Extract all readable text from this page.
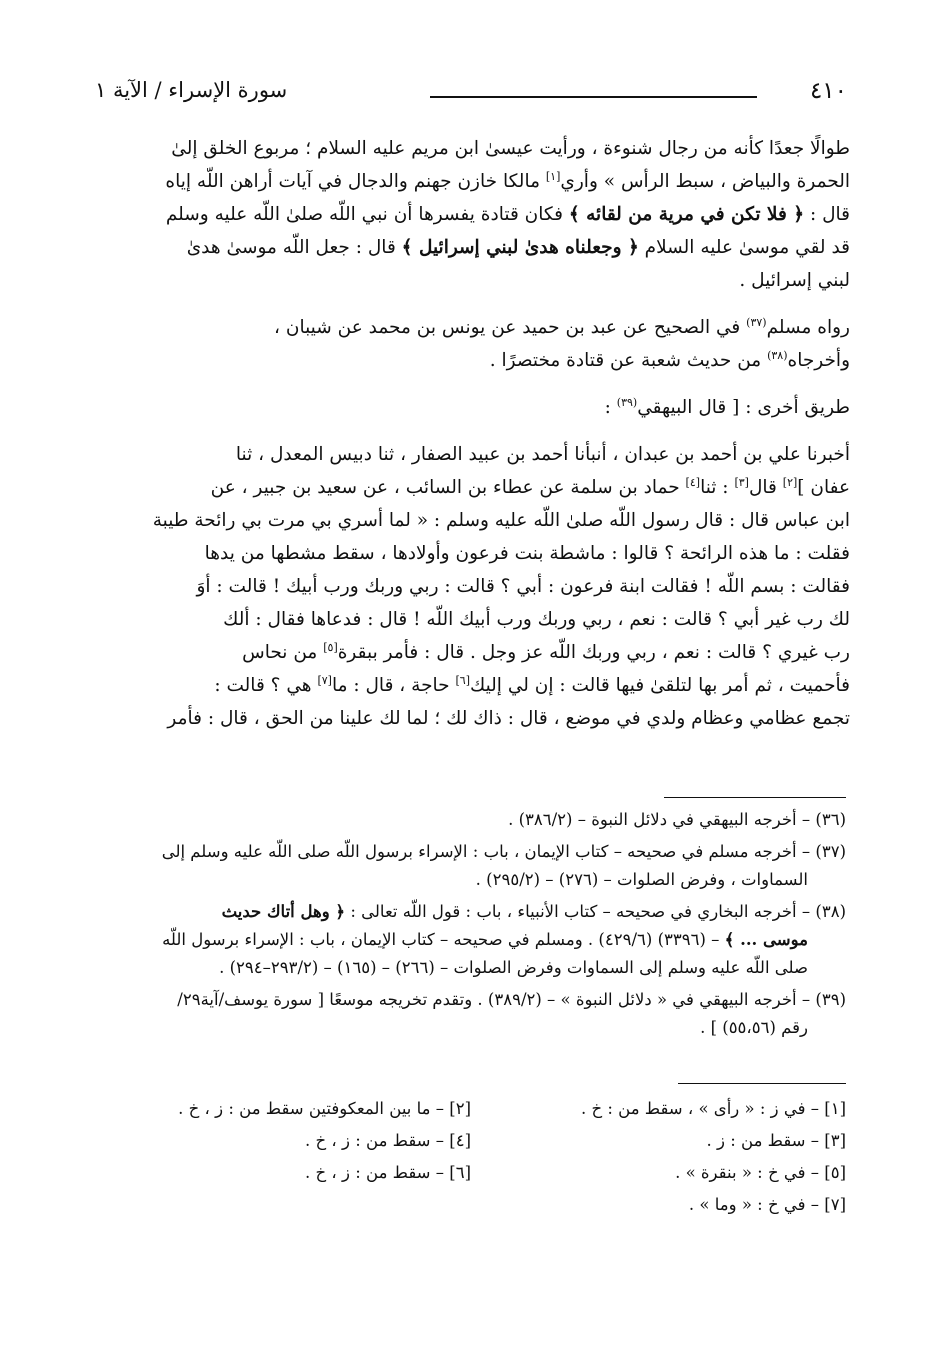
٤١٠
سورة الإسراء / الآية ١

طوالًا جعدًا كأنه من رجال شنوءة ، ورأيت عيسىٰ ابن مريم عليه السلام ؛ مربوع الخلق إلىٰ
الحمرة والبياض ، سبط الرأس » وأري[١] مالكا خازن جهنم والدجال في آيات أراهن اللّه إياه
قال : ﴿ فلا تكن في مرية من لقائه ﴾ فكان قتادة يفسرها أن نبي اللّه صلىٰ اللّه عليه وسلم
قد لقي موسىٰ عليه السلام ﴿ وجعلناه هدىٰ لبني إسرائيل ﴾ قال : جعل اللّه موسىٰ هدىٰ
لبني إسرائيل .

رواه مسلم$^{(٣٧)}$ في الصحيح عن عبد بن حميد عن يونس بن محمد عن شيبان ،
وأخرجاه$^{(٣٨)}$ من حديث شعبة عن قتادة مختصرًا .

طريق أخرى : [ قال البيهقي$^{(٣٩)}$ :

أخبرنا علي بن أحمد بن عبدان ، أنبأنا أحمد بن عبيد الصفار ، ثنا دبيس المعدل ، ثنا
عفان ][٢] قال[٣] : ثنا[٤] حماد بن سلمة عن عطاء بن السائب ، عن سعيد بن جبير ، عن
ابن عباس قال : قال رسول اللّه صلىٰ اللّه عليه وسلم : « لما أسري بي مرت بي رائحة طيبة
فقلت : ما هذه الرائحة ؟ قالوا : ماشطة بنت فرعون وأولادها ، سقط مشطها من يدها
فقالت : بسم اللّه ! فقالت ابنة فرعون : أبي ؟ قالت : ربي وربك ورب أبيك ! قالت : أوَ
لك رب غير أبي ؟ قالت : نعم ، ربي وربك ورب أبيك اللّه ! قال : فدعاها فقال : ألك
رب غيري ؟ قالت : نعم ، ربي وربك اللّه عز وجل . قال : فأمر ببقرة[٥] من نحاس
فأحميت ، ثم أمر بها لتلقىٰ فيها قالت : إن لي إليك[٦] حاجة ، قال : ما[٧] هي ؟ قالت :
تجمع عظامي وعظام ولدي في موضع ، قال : ذاك لك ؛ لما لك علينا من الحق ، قال : فأمر

(٣٦) – أخرجه البيهقي في دلائل النبوة – (٣٨٦/٢) .

(٣٧) – أخرجه مسلم في صحيحه – كتاب الإيمان ، باب : الإسراء برسول اللّه صلى اللّه عليه وسلم إلى
السماوات ، وفرض الصلوات – (٢٧٦) – (٢٩٥/٢) .

(٣٨) – أخرجه البخاري في صحيحه – كتاب الأنبياء ، باب : قول اللّه تعالى : ﴿ وهل أتاك حديث
موسى ... ﴾ – (٣٣٩٦) (٤٢٩/٦) . ومسلم في صحيحه – كتاب الإيمان ، باب : الإسراء برسول اللّه
صلى اللّه عليه وسلم إلى السماوات وفرض الصلوات – (٢٦٦) – (١٦٥) – (٢٩٣/٢–٢٩٤) .

(٣٩) – أخرجه البيهقي في « دلائل النبوة » – (٣٨٩/٢) . وتقدم تخريجه موسعًا [ سورة يوسف/آية٢٩/
رقم (٥٥،٥٦) ] .

[١] – في ز : « رأى » ، سقط من : خ .
[٢] – ما بين المعكوفتين سقط من : ز ، خ .
[٣] – سقط من : ز .
[٤] – سقط من : ز ، خ .
[٥] – في خ : « بنقرة » .
[٦] – سقط من : ز ، خ .
[٧] – في خ : « وما » .
